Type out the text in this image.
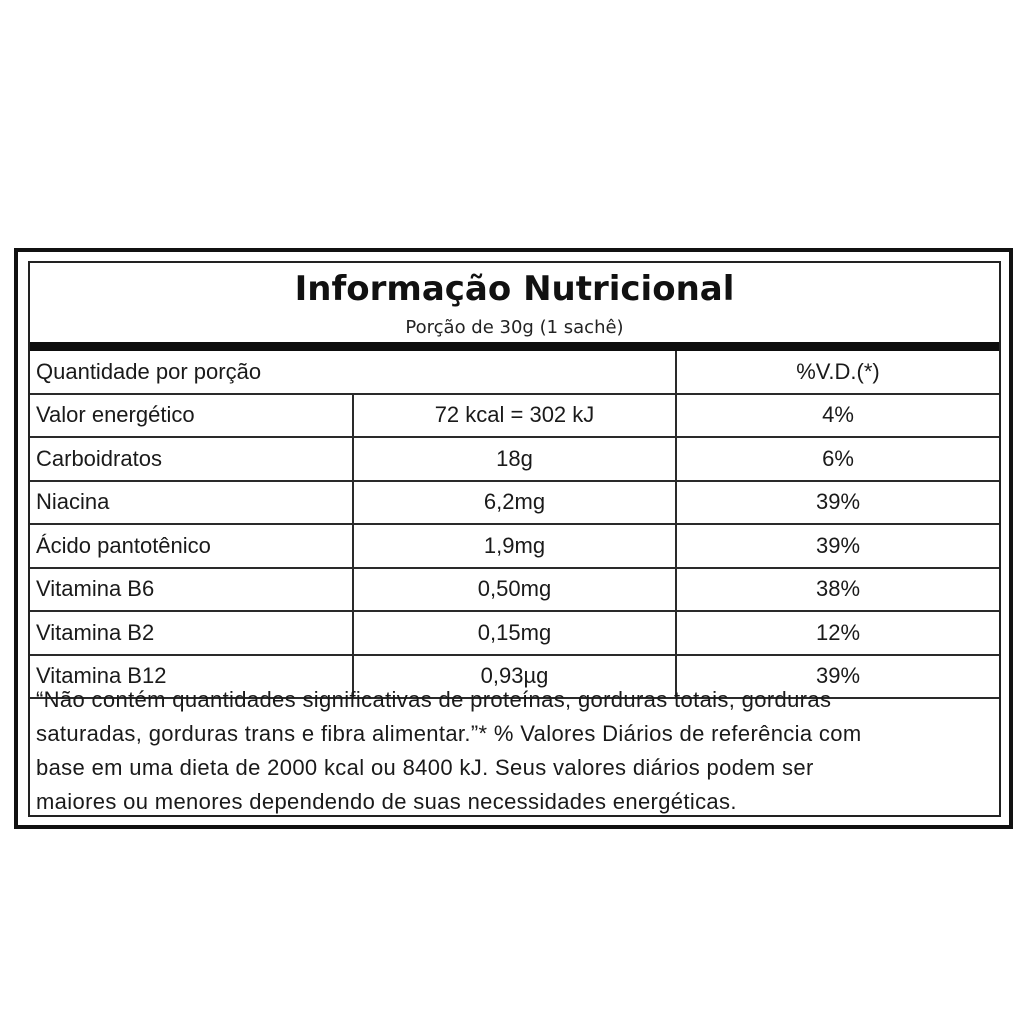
Informação Nutricional
Porção de 30g (1 sachê)
Quantidade por porção		%V.D.(*)
Valor energético	72 kcal = 302 kJ	4%
Carboidratos	18g	6%
Niacina	6,2mg	39%
Ácido pantotênico	1,9mg	39%
Vitamina B6	0,50mg	38%
Vitamina B2	0,15mg	12%
Vitamina B12	0,93µg	39%
“Não contém quantidades significativas de proteínas, gorduras totais, gorduras
saturadas, gorduras trans e fibra alimentar.”* % Valores Diários de referência com
base em uma dieta de 2000 kcal ou 8400 kJ. Seus valores diários podem ser
maiores ou menores dependendo de suas necessidades energéticas.
